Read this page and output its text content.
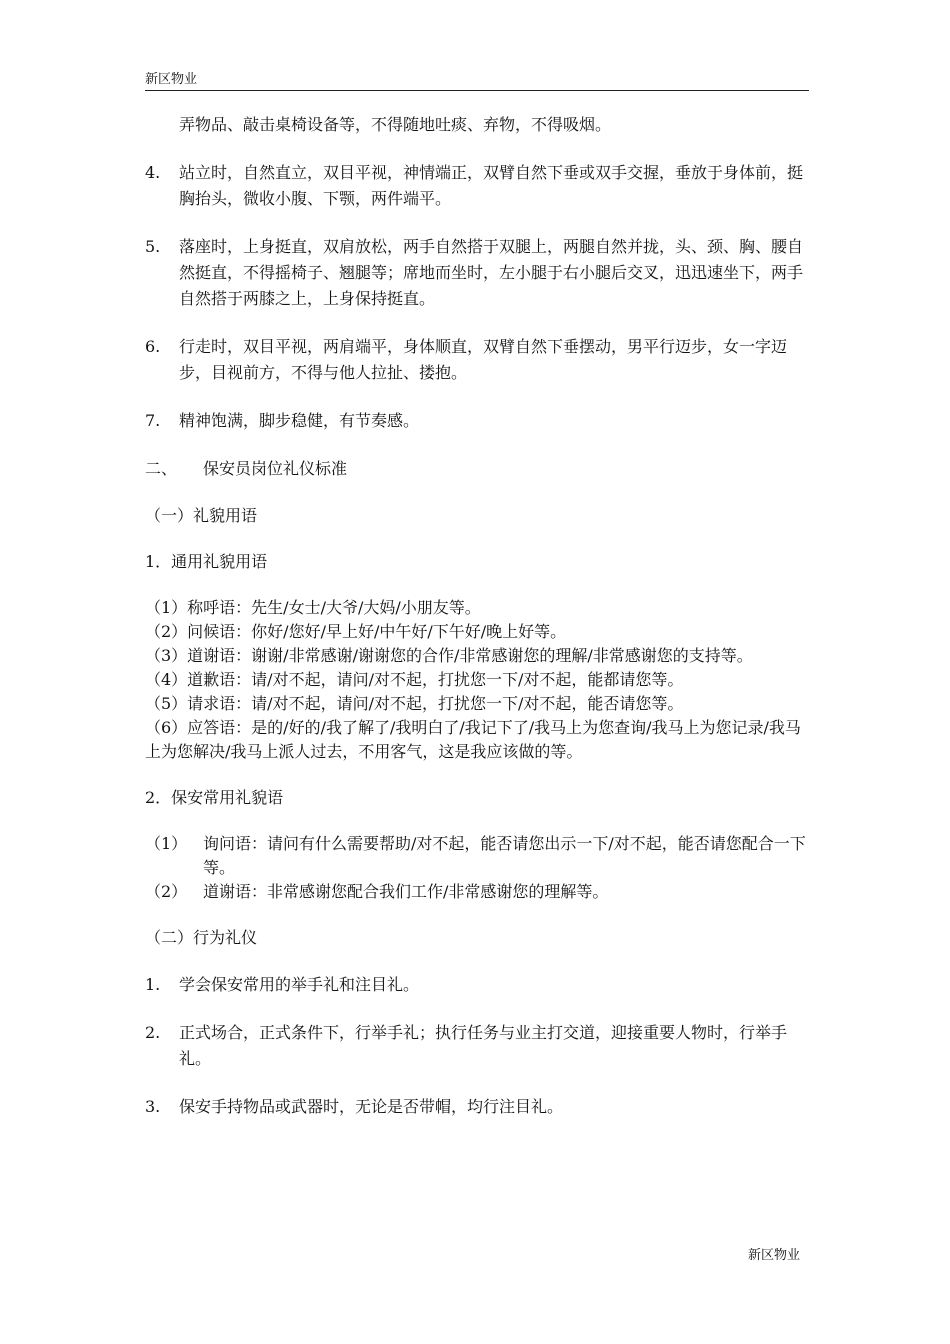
新区物业

弄物品、敲击桌椅设备等，不得随地吐痰、弃物，不得吸烟。

4. 站立时，自然直立，双目平视，神情端正，双臂自然下垂或双手交握，垂放于身体前，挺胸抬头，微收小腹、下颚，两件端平。
5. 落座时，上身挺直，双肩放松，两手自然搭于双腿上，两腿自然并拢，头、颈、胸、腰自然挺直，不得摇椅子、翘腿等；席地而坐时，左小腿于右小腿后交叉，迅迅速坐下，两手自然搭于两膝之上，上身保持挺直。
6. 行走时，双目平视，两肩端平，身体顺直，双臂自然下垂摆动，男平行迈步，女一字迈步，目视前方，不得与他人拉扯、搂抱。
7. 精神饱满，脚步稳健，有节奏感。

二、 保安员岗位礼仪标准

（一）礼貌用语

1．通用礼貌用语

（1）称呼语：先生/女士/大爷/大妈/小朋友等。

（2）问候语：你好/您好/早上好/中午好/下午好/晚上好等。

（3）道谢语：谢谢/非常感谢/谢谢您的合作/非常感谢您的理解/非常感谢您的支持等。

（4）道歉语：请/对不起，请问/对不起，打扰您一下/对不起，能都请您等。

（5）请求语：请/对不起，请问/对不起，打扰您一下/对不起，能否请您等。

（6）应答语：是的/好的/我了解了/我明白了/我记下了/我马上为您查询/我马上为您记录/我马上为您解决/我马上派人过去，不用客气，这是我应该做的等。

2．保安常用礼貌语

（1） 询问语：请问有什么需要帮助/对不起，能否请您出示一下/对不起，能否请您配合一下等。
（2） 道谢语：非常感谢您配合我们工作/非常感谢您的理解等。

（二）行为礼仪

1. 学会保安常用的举手礼和注目礼。
2. 正式场合，正式条件下，行举手礼；执行任务与业主打交道，迎接重要人物时，行举手礼。
3. 保安手持物品或武器时，无论是否带帽，均行注目礼。
新区物业
